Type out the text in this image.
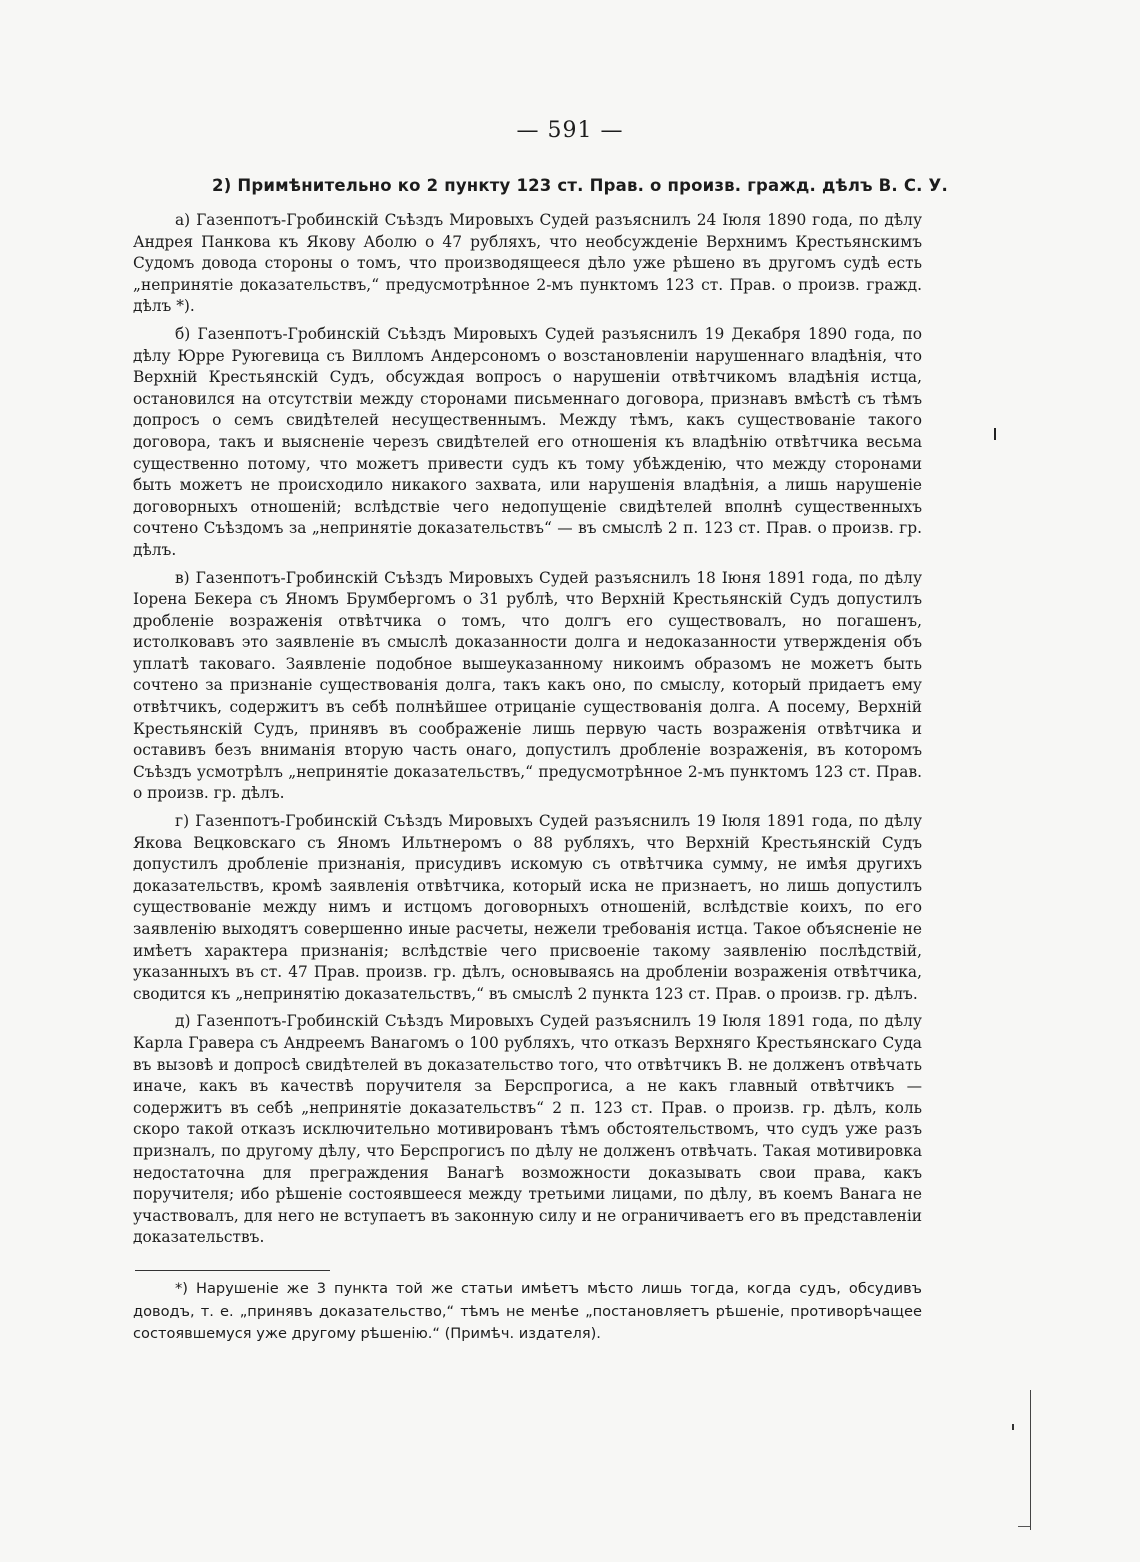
— 591 —
2) Примѣнительно ко 2 пункту 123 ст. Прав. о произв. гражд. дѣлъ В. С. У.

а) Газенпотъ-Гробинскій Съѣздъ Мировыхъ Судей разъяснилъ 24 Іюля 1890 года, по дѣлу Андрея Панкова къ Якову Аболю о 47 рубляхъ, что необсужденіе Верхнимъ Крестьянскимъ Судомъ довода стороны о томъ, что производящееся дѣло уже рѣшено въ другомъ судѣ есть „непринятіе доказательствъ,“ предусмотрѣнное 2-мъ пунктомъ 123 ст. Прав. о произв. гражд. дѣлъ *).

б) Газенпотъ-Гробинскій Съѣздъ Мировыхъ Судей разъяснилъ 19 Декабря 1890 года, по дѣлу Юрре Руюгевица съ Вилломъ Андерсономъ о возстановленіи нарушеннаго владѣнія, что Верхній Крестьянскій Судъ, обсуждая вопросъ о нарушеніи отвѣтчикомъ владѣнія истца, остановился на отсутствіи между сторонами письменнаго договора, признавъ вмѣстѣ съ тѣмъ допросъ о семъ свидѣтелей несущественнымъ. Между тѣмъ, какъ существованіе такого договора, такъ и выясненіе черезъ свидѣтелей его отношенія къ владѣнію отвѣтчика весьма существенно потому, что можетъ привести судъ къ тому убѣжденію, что между сторонами быть можетъ не происходило никакого захвата, или нарушенія владѣнія, а лишь нарушеніе договорныхъ отношеній; вслѣдствіе чего недопущеніе свидѣтелей вполнѣ существенныхъ сочтено Съѣздомъ за „непринятіе доказательствъ“ — въ смыслѣ 2 п. 123 ст. Прав. о произв. гр. дѣлъ.

в) Газенпотъ-Гробинскій Съѣздъ Мировыхъ Судей разъяснилъ 18 Іюня 1891 года, по дѣлу Іорена Бекера съ Яномъ Брумбергомъ о 31 рублѣ, что Верхній Крестьянскій Судъ допустилъ дробленіе возраженія отвѣтчика о томъ, что долгъ его существовалъ, но погашенъ, истолковавъ это заявленіе въ смыслѣ доказанности долга и недоказанности утвержденія объ уплатѣ таковаго. Заявленіе подобное вышеуказанному никоимъ образомъ не можетъ быть сочтено за признаніе существованія долга, такъ какъ оно, по смыслу, который придаетъ ему отвѣтчикъ, содержитъ въ себѣ полнѣйшее отрицаніе существованія долга. А посему, Верхній Крестьянскій Судъ, принявъ въ соображеніе лишь первую часть возраженія отвѣтчика и оставивъ безъ вниманія вторую часть онаго, допустилъ дробленіе возраженія, въ которомъ Съѣздъ усмотрѣлъ „непринятіе доказательствъ,“ предусмотрѣнное 2-мъ пунктомъ 123 ст. Прав. о произв. гр. дѣлъ.

г) Газенпотъ-Гробинскій Съѣздъ Мировыхъ Судей разъяснилъ 19 Іюля 1891 года, по дѣлу Якова Вецковскаго съ Яномъ Ильтнеромъ о 88 рубляхъ, что Верхній Крестьянскій Судъ допустилъ дробленіе признанія, присудивъ искомую съ отвѣтчика сумму, не имѣя другихъ доказательствъ, кромѣ заявленія отвѣтчика, который иска не признаетъ, но лишь допустилъ существованіе между нимъ и истцомъ договорныхъ отношеній, вслѣдствіе коихъ, по его заявленію выходятъ совершенно иные расчеты, нежели требованія истца. Такое объясненіе не имѣетъ характера признанія; вслѣдствіе чего присвоеніе такому заявленію послѣдствій, указанныхъ въ ст. 47 Прав. произв. гр. дѣлъ, основываясь на дробленіи возраженія отвѣтчика, сводится къ „непринятію доказательствъ,“ въ смыслѣ 2 пункта 123 ст. Прав. о произв. гр. дѣлъ.

д) Газенпотъ-Гробинскій Съѣздъ Мировыхъ Судей разъяснилъ 19 Іюля 1891 года, по дѣлу Карла Гравера съ Андреемъ Ванагомъ о 100 рубляхъ, что отказъ Верхняго Крестьянскаго Суда въ вызовѣ и допросѣ свидѣтелей въ доказательство того, что отвѣтчикъ В. не долженъ отвѣчать иначе, какъ въ качествѣ поручителя за Берспрогиса, а не какъ главный отвѣтчикъ — содержитъ въ себѣ „непринятіе доказательствъ“ 2 п. 123 ст. Прав. о произв. гр. дѣлъ, коль скоро такой отказъ исключительно мотивированъ тѣмъ обстоятельствомъ, что судъ уже разъ призналъ, по другому дѣлу, что Берспрогисъ по дѣлу не долженъ отвѣчать. Такая мотивировка недостаточна для преграждения Ванагѣ возможности доказывать свои права, какъ поручителя; ибо рѣшеніе состоявшееся между третьими лицами, по дѣлу, въ коемъ Ванага не участвовалъ, для него не вступаетъ въ законную силу и не ограничиваетъ его въ представленіи доказательствъ.

*) Нарушеніе же 3 пункта той же статьи имѣетъ мѣсто лишь тогда, когда судъ, обсудивъ доводъ, т. е. „принявъ доказательство,“ тѣмъ не менѣе „постановляетъ рѣшеніе, противорѣчащее состоявшемуся уже другому рѣшенію.“ (Примѣч. издателя).
